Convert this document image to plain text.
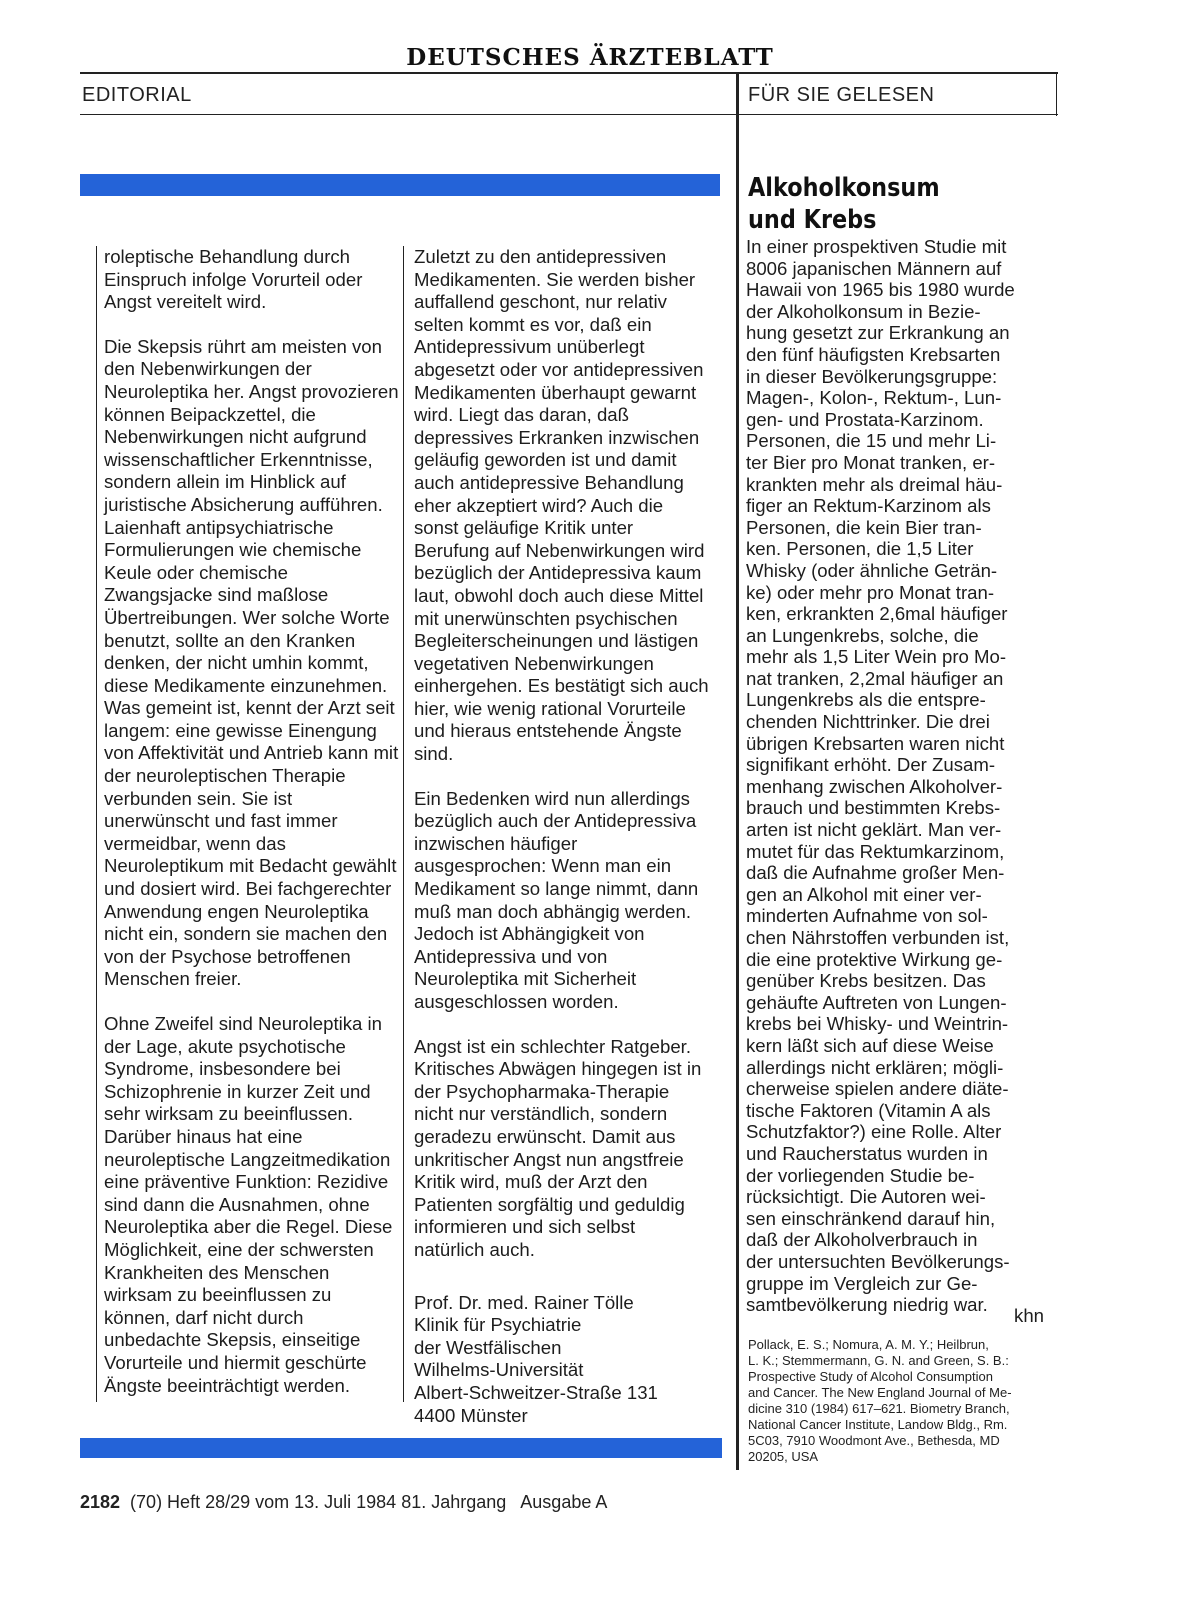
DEUTSCHES ÄRZTEBLATT
EDITORIAL	FÜR SIE GELESEN

roleptische Behandlung durch Einspruch infolge Vorurteil oder Angst vereitelt wird.

Die Skepsis rührt am meisten von den Nebenwirkungen der Neuroleptika her. Angst provozieren können Beipackzettel, die Nebenwirkungen nicht aufgrund wissenschaftlicher Erkenntnisse, sondern allein im Hinblick auf juristische Absicherung aufführen. Laienhaft antipsychiatrische Formulierungen wie chemische Keule oder chemische Zwangsjacke sind maßlose Übertreibungen. Wer solche Worte benutzt, sollte an den Kranken denken, der nicht umhin kommt, diese Medikamente einzunehmen. Was gemeint ist, kennt der Arzt seit langem: eine gewisse Einengung von Affektivität und Antrieb kann mit der neuroleptischen Therapie verbunden sein. Sie ist unerwünscht und fast immer vermeidbar, wenn das Neuroleptikum mit Bedacht gewählt und dosiert wird. Bei fachgerechter Anwendung engen Neuroleptika nicht ein, sondern sie machen den von der Psychose betroffenen Menschen freier.

Ohne Zweifel sind Neuroleptika in der Lage, akute psychotische Syndrome, insbesondere bei Schizophrenie in kurzer Zeit und sehr wirksam zu beeinflussen. Darüber hinaus hat eine neuroleptische Langzeitmedikation eine präventive Funktion: Rezidive sind dann die Ausnahmen, ohne Neuroleptika aber die Regel. Diese Möglichkeit, eine der schwersten Krankheiten des Menschen wirksam zu beeinflussen zu können, darf nicht durch unbedachte Skepsis, einseitige Vorurteile und hiermit geschürte Ängste beeinträchtigt werden.

Zuletzt zu den antidepressiven Medikamenten. Sie werden bisher auffallend geschont, nur relativ selten kommt es vor, daß ein Antidepressivum unüberlegt abgesetzt oder vor antidepressiven Medikamenten überhaupt gewarnt wird. Liegt das daran, daß depressives Erkranken inzwischen geläufig geworden ist und damit auch antidepressive Behandlung eher akzeptiert wird? Auch die sonst geläufige Kritik unter Berufung auf Nebenwirkungen wird bezüglich der Antidepressiva kaum laut, obwohl doch auch diese Mittel mit unerwünschten psychischen Begleiterscheinungen und lästigen vegetativen Nebenwirkungen einhergehen. Es bestätigt sich auch hier, wie wenig rational Vorurteile und hieraus entstehende Ängste sind.

Ein Bedenken wird nun allerdings bezüglich auch der Antidepressiva inzwischen häufiger ausgesprochen: Wenn man ein Medikament so lange nimmt, dann muß man doch abhängig werden. Jedoch ist Abhängigkeit von Antidepressiva und von Neuroleptika mit Sicherheit ausgeschlossen worden.

Angst ist ein schlechter Ratgeber. Kritisches Abwägen hingegen ist in der Psychopharmaka-Therapie nicht nur verständlich, sondern geradezu erwünscht. Damit aus unkritischer Angst nun angstfreie Kritik wird, muß der Arzt den Patienten sorgfältig und geduldig informieren und sich selbst natürlich auch.

Prof. Dr. med. Rainer Tölle
Klinik für Psychiatrie
der Westfälischen
Wilhelms-Universität
Albert-Schweitzer-Straße 131
4400 Münster

Alkoholkonsum
und Krebs
In einer prospektiven Studie mit
8006 japanischen Männern auf
Hawaii von 1965 bis 1980 wurde
der Alkoholkonsum in Bezie-
hung gesetzt zur Erkrankung an
den fünf häufigsten Krebsarten
in dieser Bevölkerungsgruppe:
Magen-, Kolon-, Rektum-, Lun-
gen- und Prostata-Karzinom.
Personen, die 15 und mehr Li-
ter Bier pro Monat tranken, er-
krankten mehr als dreimal häu-
figer an Rektum-Karzinom als
Personen, die kein Bier tran-
ken. Personen, die 1,5 Liter
Whisky (oder ähnliche Geträn-
ke) oder mehr pro Monat tran-
ken, erkrankten 2,6mal häufiger
an Lungenkrebs, solche, die
mehr als 1,5 Liter Wein pro Mo-
nat tranken, 2,2mal häufiger an
Lungenkrebs als die entspre-
chenden Nichttrinker. Die drei
übrigen Krebsarten waren nicht
signifikant erhöht. Der Zusam-
menhang zwischen Alkoholver-
brauch und bestimmten Krebs-
arten ist nicht geklärt. Man ver-
mutet für das Rektumkarzinom,
daß die Aufnahme großer Men-
gen an Alkohol mit einer ver-
minderten Aufnahme von sol-
chen Nährstoffen verbunden ist,
die eine protektive Wirkung ge-
genüber Krebs besitzen. Das
gehäufte Auftreten von Lungen-
krebs bei Whisky- und Weintrin-
kern läßt sich auf diese Weise
allerdings nicht erklären; mögli-
cherweise spielen andere diäte-
tische Faktoren (Vitamin A als
Schutzfaktor?) eine Rolle. Alter
und Raucherstatus wurden in
der vorliegenden Studie be-
rücksichtigt. Die Autoren wei-
sen einschränkend darauf hin,
daß der Alkoholverbrauch in
der untersuchten Bevölkerungs-
gruppe im Vergleich zur Ge-
samtbevölkerung niedrig war.
khn
Pollack, E. S.; Nomura, A. M. Y.; Heilbrun,
L. K.; Stemmermann, G. N. and Green, S. B.:
Prospective Study of Alcohol Consumption
and Cancer. The New England Journal of Me-
dicine 310 (1984) 617–621. Biometry Branch,
National Cancer Institute, Landow Bldg., Rm.
5C03, 7910 Woodmont Ave., Bethesda, MD
20205, USA
2182 (70) Heft 28/29 vom 13. Juli 1984 81. Jahrgang   Ausgabe A
